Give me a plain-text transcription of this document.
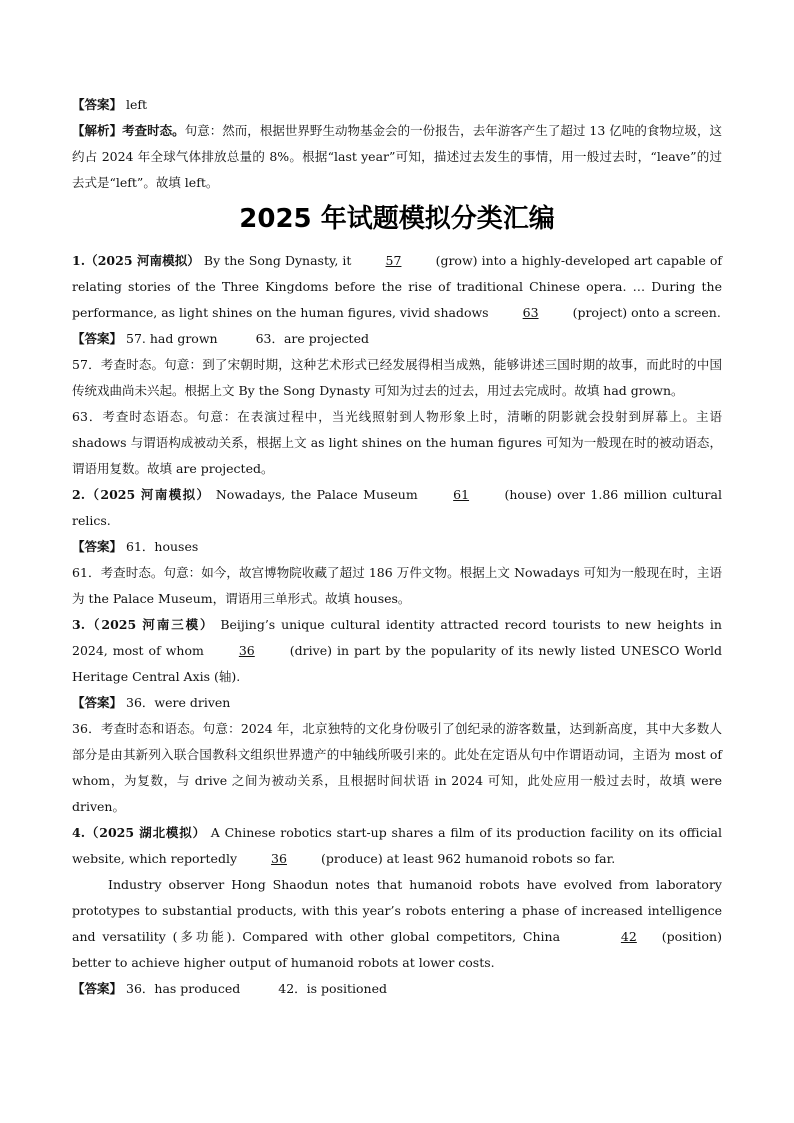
【答案】 left

【解析】考查时态。句意：然而，根据世界野生动物基金会的一份报告，去年游客产生了超过 13 亿吨的食物垃圾，这约占 2024 年全球气体排放总量的 8%。根据“last year”可知，描述过去发生的事情，用一般过去时，“leave”的过去式是“left”。故填 left。

2025 年试题模拟分类汇编

1.（2025 河南模拟） By the Song Dynasty, it	57	(grow) into a highly-developed art capable of relating stories of the Three Kingdoms before the rise of traditional Chinese opera. … During the performance, as light shines on the human figures, vivid shadows	63	(project) onto a screen.

【答案】 57. had grown	63．are projected

57．考查时态。句意：到了宋朝时期，这种艺术形式已经发展得相当成熟，能够讲述三国时期的故事，而此时的中国传统戏曲尚未兴起。根据上文 By the Song Dynasty 可知为过去的过去，用过去完成时。故填 had grown。

63．考查时态语态。句意：在表演过程中，当光线照射到人物形象上时，清晰的阴影就会投射到屏幕上。主语 shadows 与谓语构成被动关系，根据上文 as light shines on the human figures 可知为一般现在时的被动语态，谓语用复数。故填 are projected。

2.（2025 河南模拟） Nowadays, the Palace Museum	61	(house) over 1.86 million cultural relics.

【答案】 61．houses

61．考查时态。句意：如今，故宫博物院收藏了超过 186 万件文物。根据上文 Nowadays 可知为一般现在时，主语为 the Palace Museum，谓语用三单形式。故填 houses。

3.（2025 河南三模） Beijing’s unique cultural identity attracted record tourists to new heights in 2024, most of whom	36	(drive) in part by the popularity of its newly listed UNESCO World Heritage Central Axis (轴).

【答案】 36．were driven

36．考查时态和语态。句意：2024 年，北京独特的文化身份吸引了创纪录的游客数量，达到新高度，其中大多数人部分是由其新列入联合国教科文组织世界遗产的中轴线所吸引来的。此处在定语从句中作谓语动词，主语为 most of whom，为复数，与 drive 之间为被动关系，且根据时间状语 in 2024 可知，此处应用一般过去时，故填 were driven。

4.（2025 湖北模拟） A Chinese robotics start-up shares a film of its production facility on its official website, which reportedly	36	(produce) at least 962 humanoid robots so far.

Industry observer Hong Shaodun notes that humanoid robots have evolved from laboratory prototypes to substantial products, with this year’s robots entering a phase of increased intelligence and versatility (多功能). Compared with other global competitors, China	42 (position) better to achieve higher output of humanoid robots at lower costs.

【答案】 36．has produced	42．is positioned
